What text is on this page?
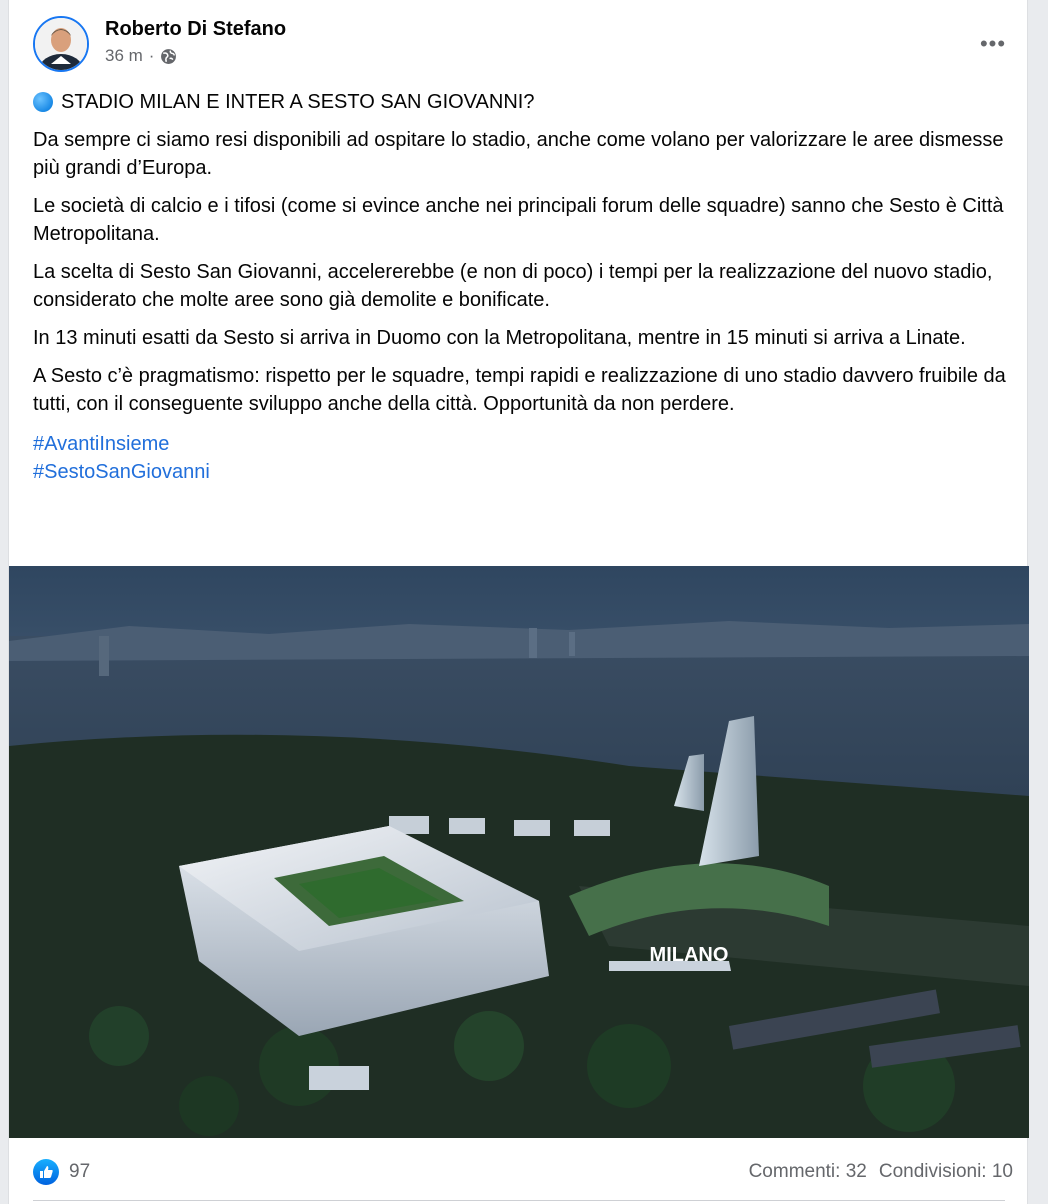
Roberto Di Stefano
36 m ·	•••
STADIO MILAN E INTER A SESTO SAN GIOVANNI?

Da sempre ci siamo resi disponibili ad ospitare lo stadio, anche come volano per valorizzare le aree dismesse più grandi d’Europa.

Le società di calcio e i tifosi (come si evince anche nei principali forum delle squadre) sanno che Sesto è Città Metropolitana.

La scelta di Sesto San Giovanni, accelererebbe (e non di poco) i tempi per la realizzazione del nuovo stadio, considerato che molte aree sono già demolite e bonificate.

In 13 minuti esatti da Sesto si arriva in Duomo con la Metropolitana, mentre in 15 minuti si arriva a Linate.

A Sesto c’è pragmatismo: rispetto per le squadre, tempi rapidi e realizzazione di uno stadio davvero fruibile da tutti, con il conseguente sviluppo anche della città. Opportunità da non perdere.

#AvantiInsieme
#SestoSanGiovanni
MILANO
97	Commenti: 32 Condivisioni: 10
